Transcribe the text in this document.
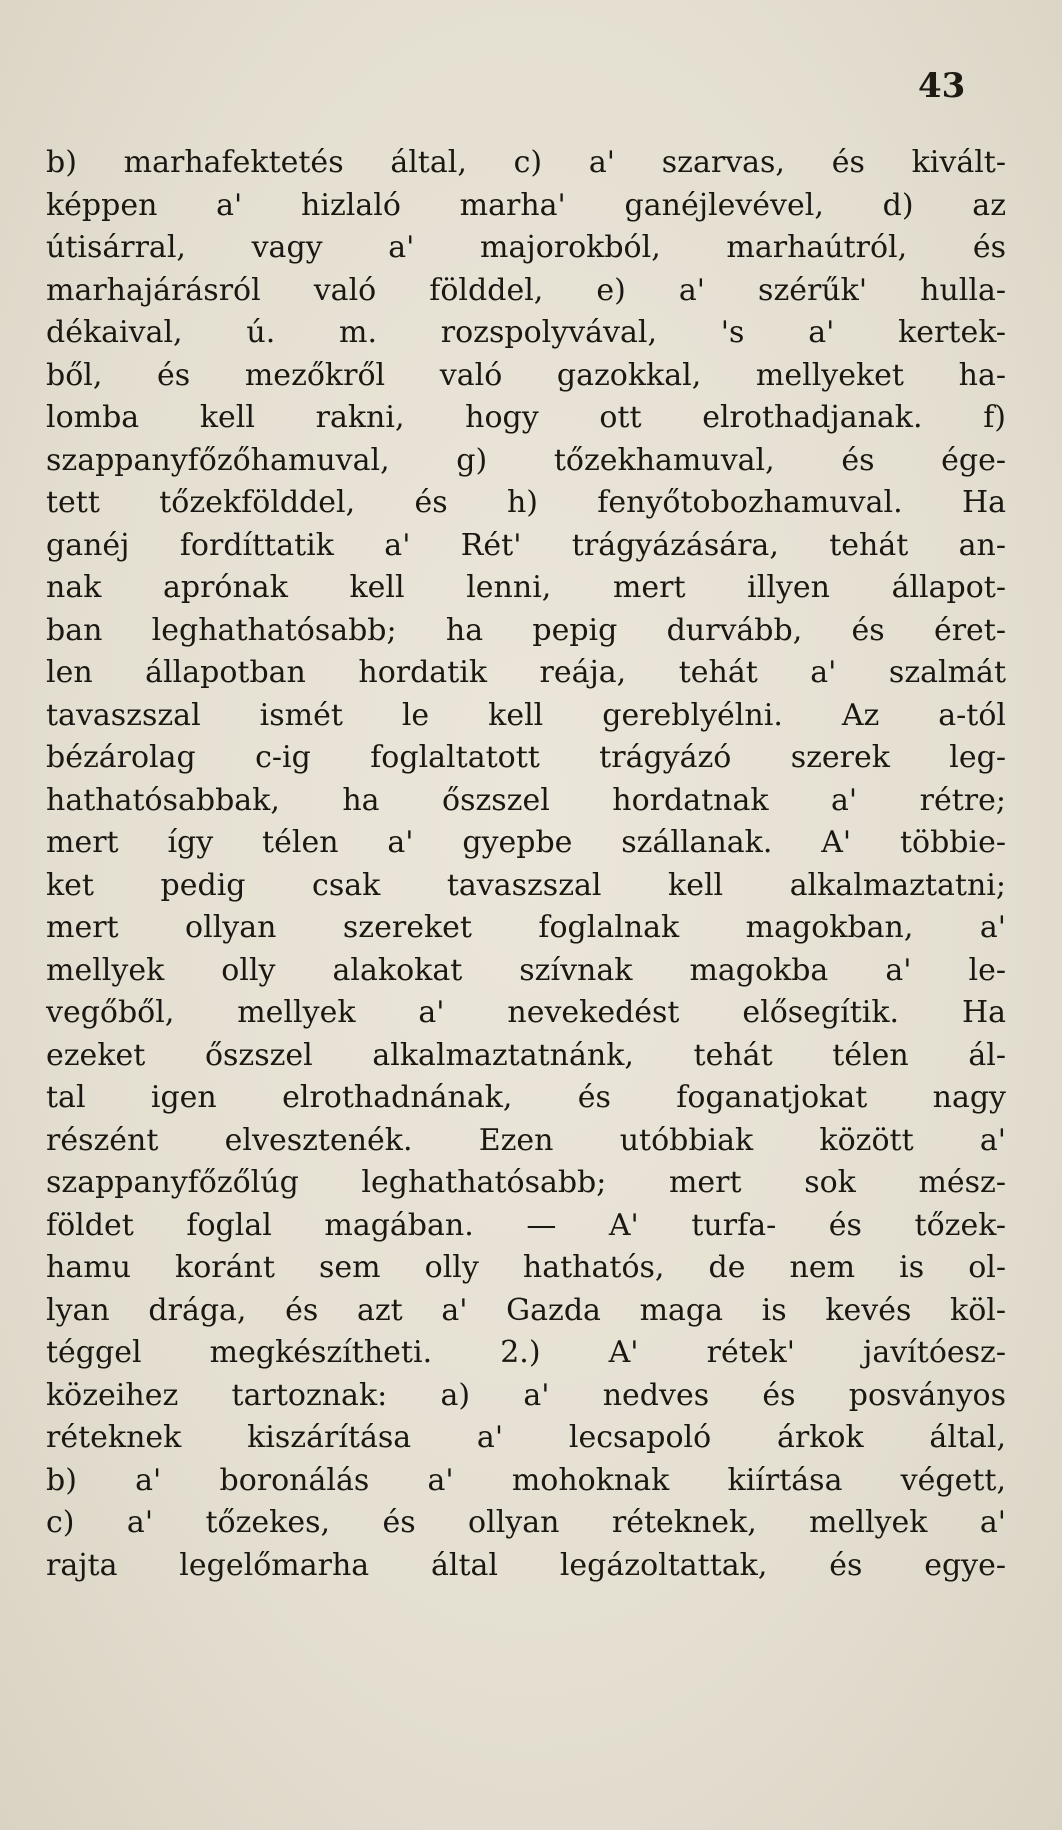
43
b) marhafektetés által, c) a' szarvas, és kivált-
képpen a' hizlaló marha' ganéjlevével, d) az
útisárral, vagy a' majorokból, marhaútról, és
marhajárásról való földdel, e) a' szérűk' hulla-
dékaival, ú. m. rozspolyvával, 's a' kertek-
ből, és mezőkről való gazokkal, mellyeket ha-
lomba kell rakni, hogy ott elrothadjanak. f)
szappanyfőzőhamuval, g) tőzekhamuval, és ége-
tett tőzekfölddel, és h) fenyőtobozhamuval. Ha
ganéj fordíttatik a' Rét' trágyázására, tehát an-
nak aprónak kell lenni, mert illyen állapot-
ban leghathatósabb; ha pepig durvább, és éret-
len állapotban hordatik reája, tehát a' szalmát
tavaszszal ismét le kell gereblyélni. Az a-tól
bézárolag c-ig foglaltatott trágyázó szerek leg-
hathatósabbak, ha őszszel hordatnak a' rétre;
mert így télen a' gyepbe szállanak. A' többie-
ket pedig csak tavaszszal kell alkalmaztatni;
mert ollyan szereket foglalnak magokban, a'
mellyek olly alakokat szívnak magokba a' le-
vegőből, mellyek a' nevekedést elősegítik. Ha
ezeket őszszel alkalmaztatnánk, tehát télen ál-
tal igen elrothadnának, és foganatjokat nagy
részént elvesztenék. Ezen utóbbiak között a'
szappanyfőzőlúg leghathatósabb; mert sok mész-
földet foglal magában. — A' turfa- és tőzek-
hamu koránt sem olly hathatós, de nem is ol-
lyan drága, és azt a' Gazda maga is kevés köl-
téggel megkészítheti. 2.) A' rétek' javítóesz-
közeihez tartoznak: a) a' nedves és posványos
réteknek kiszárítása a' lecsapoló árkok által,
b) a' boronálás a' mohoknak kiírtása végett,
c) a' tőzekes, és ollyan réteknek, mellyek a'
rajta legelőmarha által legázoltattak, és egye-
